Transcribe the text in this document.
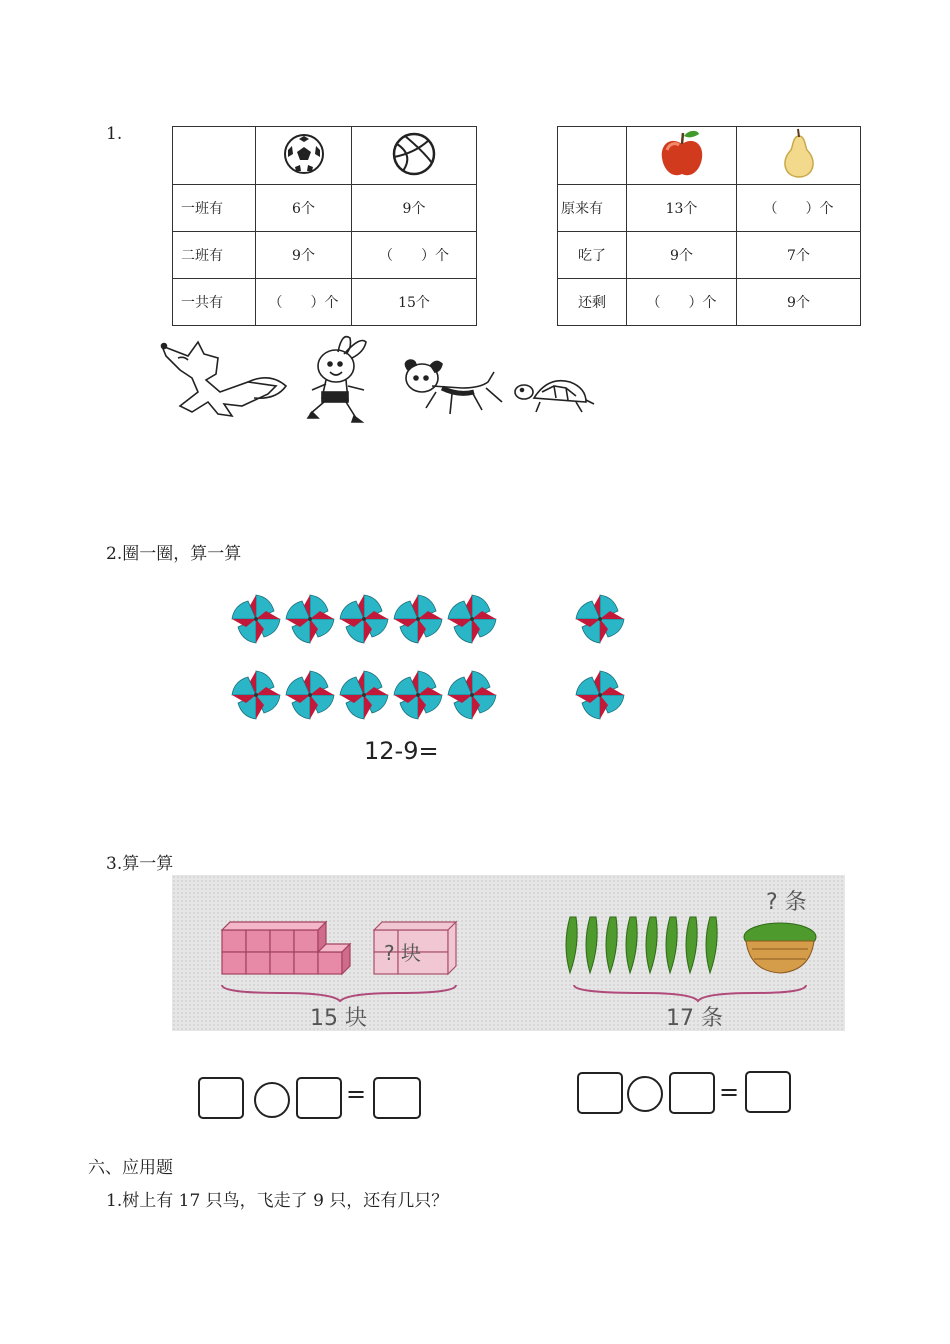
1.

一班有	6个	9个
二班有	9个	（　　）个
一共有	（　　）个	15个

原来有	13个	（　　）个
吃了	9个	7个
还剩	（　　）个	9个
2.圈一圈，算一算
12-9=
3.算一算
? 块
15 块
? 条
17 条
=	=
六、应用题
1.树上有 17 只鸟，飞走了 9 只，还有几只？
